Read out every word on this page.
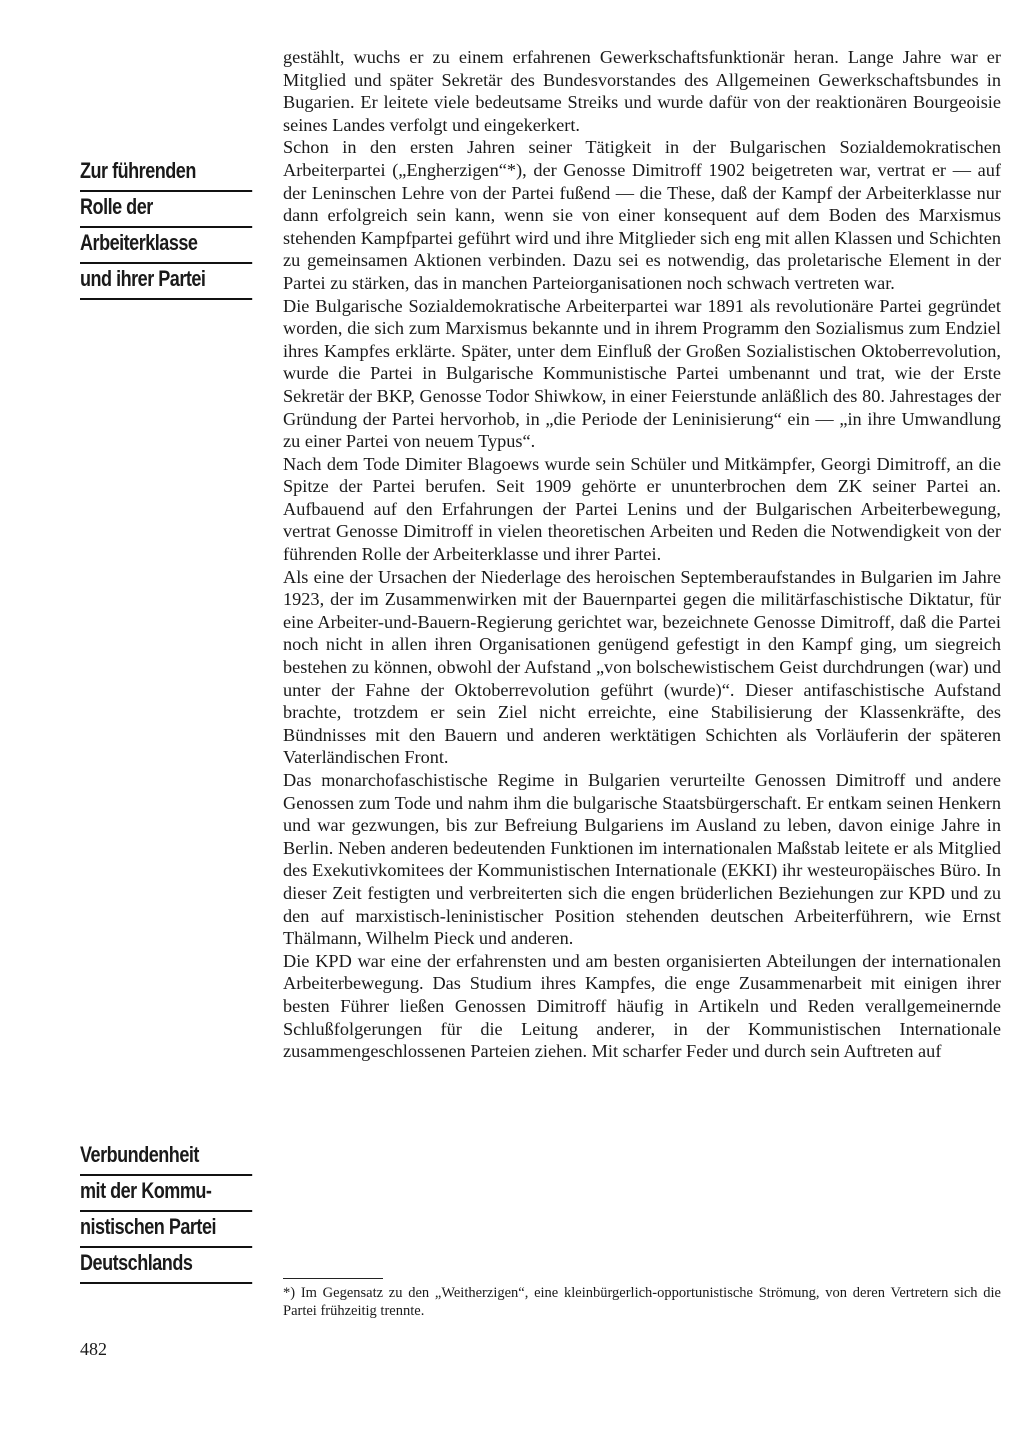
Zur führenden
Rolle der
Arbeiterklasse
und ihrer Partei
Verbundenheit
mit der Kommu-
nistischen Partei
Deutschlands

gestählt, wuchs er zu einem erfahrenen Gewerkschaftsfunktionär heran. Lange Jahre war er Mitglied und später Sekretär des Bundesvorstandes des Allgemeinen Gewerkschaftsbundes in Bugarien. Er leitete viele bedeutsame Streiks und wurde dafür von der reaktionären Bourgeoisie seines Landes verfolgt und eingekerkert.

Schon in den ersten Jahren seiner Tätigkeit in der Bulgarischen Sozialdemokratischen Arbeiterpartei („Engherzigen“*), der Genosse Dimitroff 1902 beigetreten war, vertrat er — auf der Leninschen Lehre von der Partei fußend — die These, daß der Kampf der Arbeiterklasse nur dann erfolgreich sein kann, wenn sie von einer konsequent auf dem Boden des Marxismus stehenden Kampfpartei geführt wird und ihre Mitglieder sich eng mit allen Klassen und Schichten zu gemeinsamen Aktionen verbinden. Dazu sei es notwendig, das proletarische Element in der Partei zu stärken, das in manchen Parteiorganisationen noch schwach vertreten war.

Die Bulgarische Sozialdemokratische Arbeiterpartei war 1891 als revolutionäre Partei gegründet worden, die sich zum Marxismus bekannte und in ihrem Programm den Sozialismus zum Endziel ihres Kampfes erklärte. Später, unter dem Einfluß der Großen Sozialistischen Oktoberrevolution, wurde die Partei in Bulgarische Kommunistische Partei umbenannt und trat, wie der Erste Sekretär der BKP, Genosse Todor Shiwkow, in einer Feierstunde anläßlich des 80. Jahrestages der Gründung der Partei hervorhob, in „die Periode der Leninisierung“ ein — „in ihre Umwandlung zu einer Partei von neuem Typus“.

Nach dem Tode Dimiter Blagoews wurde sein Schüler und Mitkämpfer, Georgi Dimitroff, an die Spitze der Partei berufen. Seit 1909 gehörte er ununterbrochen dem ZK seiner Partei an. Aufbauend auf den Erfahrungen der Partei Lenins und der Bulgarischen Arbeiterbewegung, vertrat Genosse Dimitroff in vielen theoretischen Arbeiten und Reden die Notwendigkeit von der führenden Rolle der Arbeiterklasse und ihrer Partei.

Als eine der Ursachen der Niederlage des heroischen Septemberaufstandes in Bulgarien im Jahre 1923, der im Zusammenwirken mit der Bauernpartei gegen die militärfaschistische Diktatur, für eine Arbeiter-und-Bauern-Regierung gerichtet war, bezeichnete Genosse Dimitroff, daß die Partei noch nicht in allen ihren Organisationen genügend gefestigt in den Kampf ging, um siegreich bestehen zu können, obwohl der Aufstand „von bolschewistischem Geist durchdrungen (war) und unter der Fahne der Oktoberrevolution geführt (wurde)“. Dieser antifaschistische Aufstand brachte, trotzdem er sein Ziel nicht erreichte, eine Stabilisierung der Klassenkräfte, des Bündnisses mit den Bauern und anderen werktätigen Schichten als Vorläuferin der späteren Vaterländischen Front.

Das monarchofaschistische Regime in Bulgarien verurteilte Genossen Dimitroff und andere Genossen zum Tode und nahm ihm die bulgarische Staatsbürgerschaft. Er entkam seinen Henkern und war gezwungen, bis zur Befreiung Bulgariens im Ausland zu leben, davon einige Jahre in Berlin. Neben anderen bedeutenden Funktionen im internationalen Maßstab leitete er als Mitglied des Exekutivkomitees der Kommunistischen Internationale (EKKI) ihr westeuropäisches Büro. In dieser Zeit festigten und verbreiterten sich die engen brüderlichen Beziehungen zur KPD und zu den auf marxistisch-leninistischer Position stehenden deutschen Arbeiterführern, wie Ernst Thälmann, Wilhelm Pieck und anderen.

Die KPD war eine der erfahrensten und am besten organisierten Abteilungen der internationalen Arbeiterbewegung. Das Studium ihres Kampfes, die enge Zusammenarbeit mit einigen ihrer besten Führer ließen Genossen Dimitroff häufig in Artikeln und Reden verallgemeinernde Schlußfolgerungen für die Leitung anderer, in der Kommunistischen Internationale zusammengeschlossenen Parteien ziehen. Mit scharfer Feder und durch sein Auftreten auf

*) Im Gegensatz zu den „Weitherzigen“, eine kleinbürgerlich-opportunistische Strömung, von deren Vertretern sich die Partei frühzeitig trennte.
482
